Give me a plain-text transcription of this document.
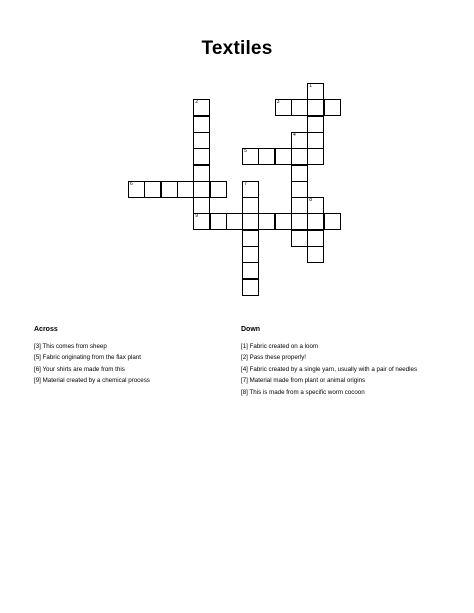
Textiles
1
2	3
4
5
6	7
8
9
Across
[3] This comes from sheep
[5] Fabric originating from the flax plant
[6] Your shirts are made from this
[9] Material created by a chemical process
Down
[1] Fabric created on a loom
[2] Pass these properly!
[4] Fabric created by a single yarn, usually with a pair of needles
[7] Material made from plant or animal origins
[8] This is made from a specific worm cocoon
